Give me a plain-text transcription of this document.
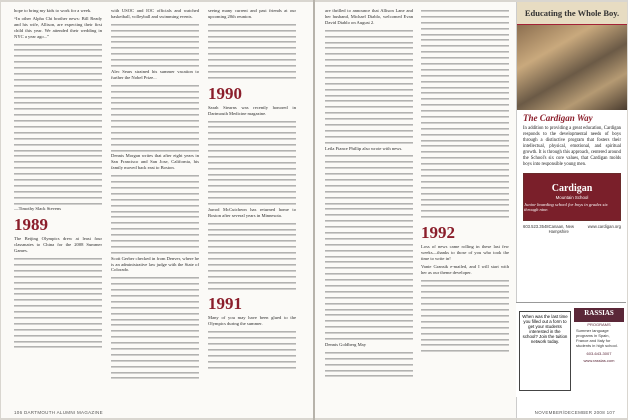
hope to bring my kids to work for a week.

“In other Alpha Chi brother news: Bill Ready and his wife, Allison, are expecting their first child this year. We attended their wedding in NYC a year ago...”

—Timothy Slack Stevens

1989

The Beijing Olympics drew at least four classmates to China for the 2008 Summer Games.

with USOC and IOC officials and watched basketball, volleyball and swimming events.

Alec Sears strained his summer vacation to further the Nobel Prize...

Dennis Morgan writes that after eight years in San Francisco and San Jose, California, his family moved back east to Boston.

Scott Gerber checked in from Denver, where he is an administrative law judge with the State of Colorado.

seeing many current and past friends at our upcoming 20th reunion.

1990

Sarah Stearns was recently honored in Dartmouth Medicine magazine.

Jarrod McCutcheon has returned home to Boston after several years in Minnesota.

1991

Many of you may have been glued to the Olympics during the summer.

106 DARTMOUTH ALUMNI MAGAZINE

are thrilled to announce that Allison Lane and her husband, Michael Diablo, welcomed Evan David Diablo on August 2.

Leila Fiance Phillip also wrote with news.

Dennis Goldberg May

1992

Loss of news came rolling in these last few weeks—thanks to those of you who took the time to write in!

Vanie Gransik e-mailed, and I will start with her as our theme developer.

Educating the Whole Boy.
The Cardigan Way
In addition to providing a great education, Cardigan responds to the developmental needs of boys through a distinctive program that fosters their intellectual, physical, emotional, and spiritual growth. It is through this approach, centered around the School's six core values, that Cardigan molds boys into responsible young men.
Cardigan
Mountain School
Junior boarding school for boys in grades six through nine.
603.523.3548 Canaan, New Hampshire
www.cardigan.org
When was the last time you filled out a form to get your students interested in the school? Join the tuition network today.
RASSIAS
PROGRAMS
Summer language programs in Spain, France and Italy for students in high school.
603-643-3007
www.rassias.com
NOVEMBER/DECEMBER 2008 107
